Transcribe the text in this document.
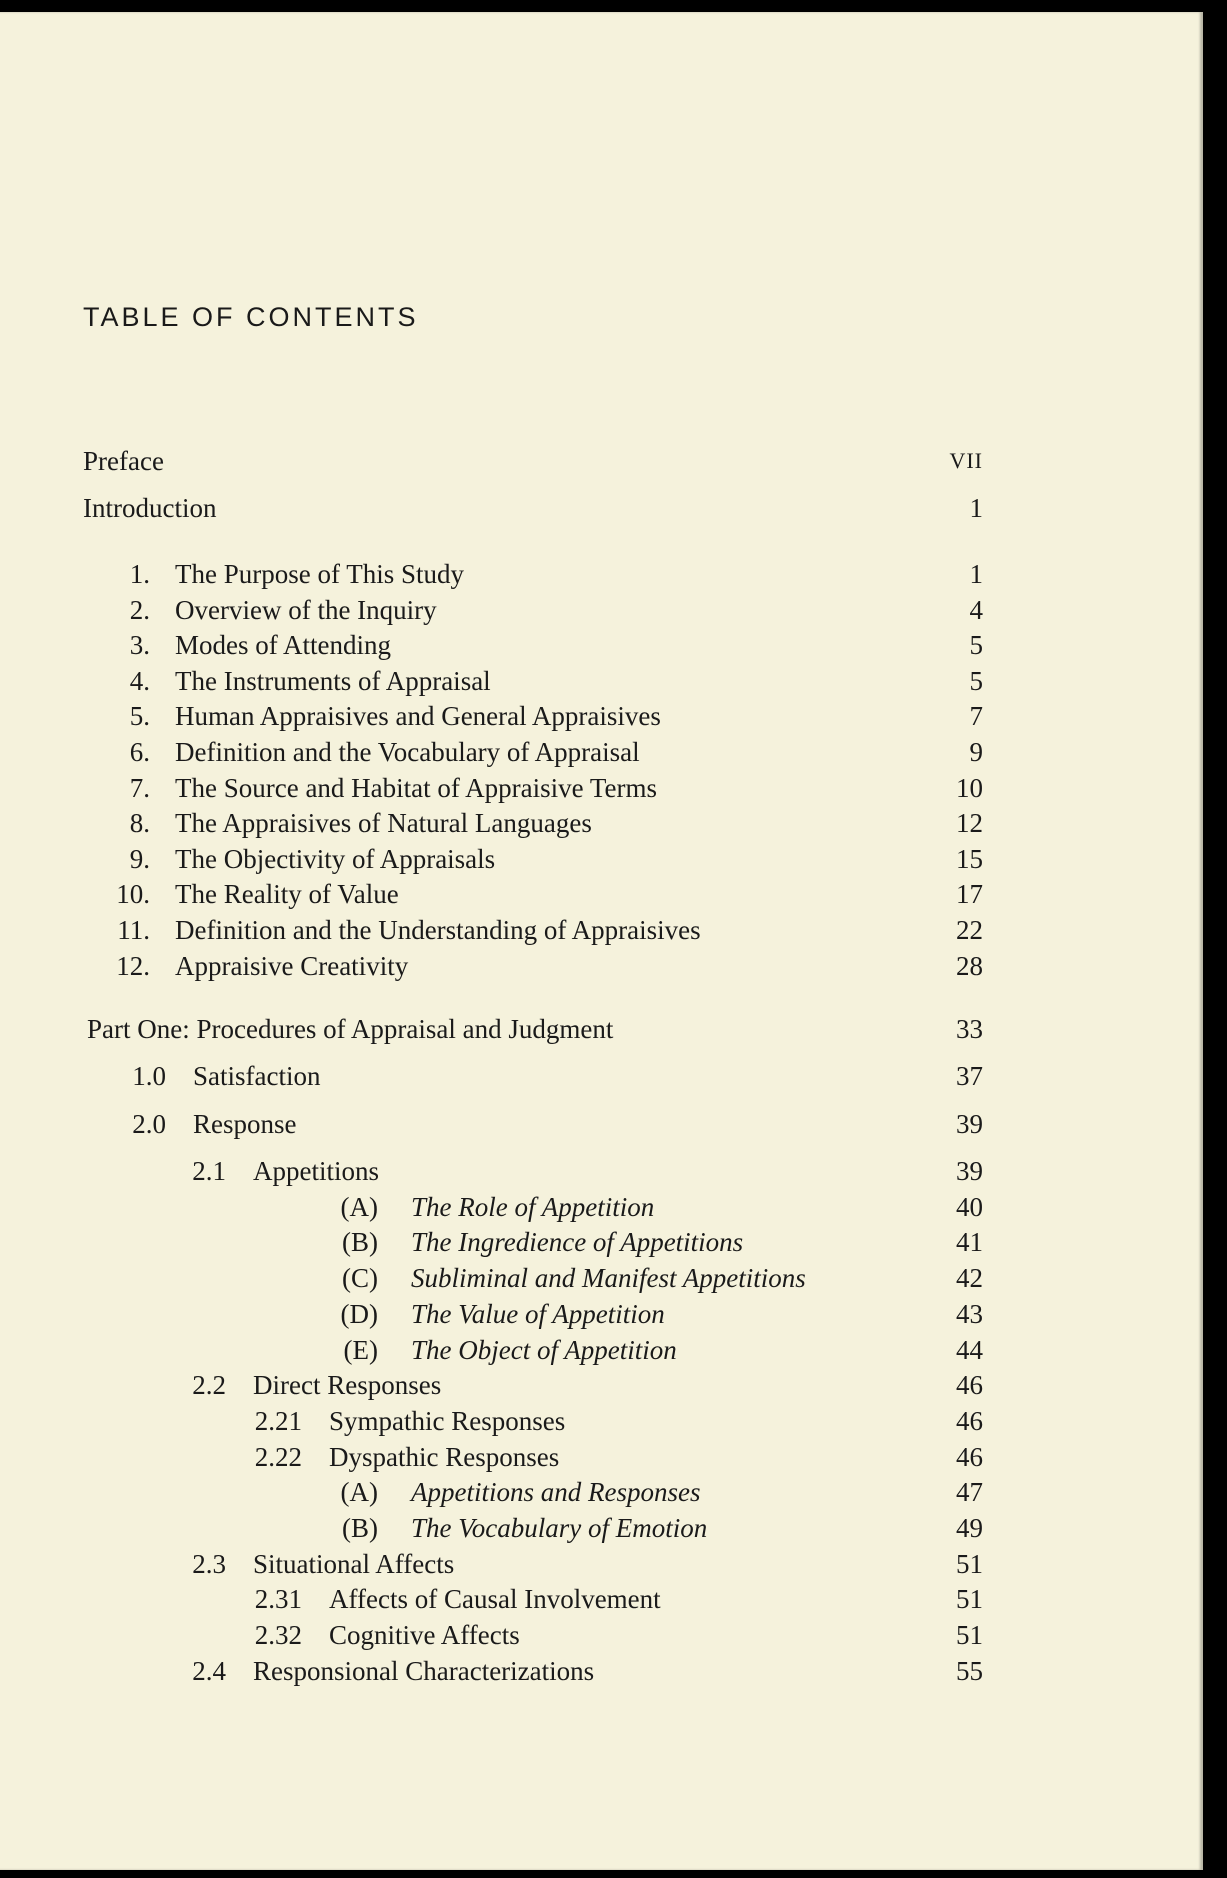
TABLE OF CONTENTS
Preface	VII
Introduction	1
1. The Purpose of This Study	1
2. Overview of the Inquiry	4
3. Modes of Attending	5
4. The Instruments of Appraisal	5
5. Human Appraisives and General Appraisives	7
6. Definition and the Vocabulary of Appraisal	9
7. The Source and Habitat of Appraisive Terms	10
8. The Appraisives of Natural Languages	12
9. The Objectivity of Appraisals	15
10. The Reality of Value	17
11. Definition and the Understanding of Appraisives	22
12. Appraisive Creativity	28
Part One: Procedures of Appraisal and Judgment	33
1.0 Satisfaction	37
2.0 Response	39
2.1 Appetitions	39
(A) The Role of Appetition	40
(B) The Ingredience of Appetitions	41
(C) Subliminal and Manifest Appetitions	42
(D) The Value of Appetition	43
(E) The Object of Appetition	44
2.2 Direct Responses	46
2.21 Sympathic Responses	46
2.22 Dyspathic Responses	46
(A) Appetitions and Responses	47
(B) The Vocabulary of Emotion	49
2.3 Situational Affects	51
2.31 Affects of Causal Involvement	51
2.32 Cognitive Affects	51
2.4 Responsional Characterizations	55
